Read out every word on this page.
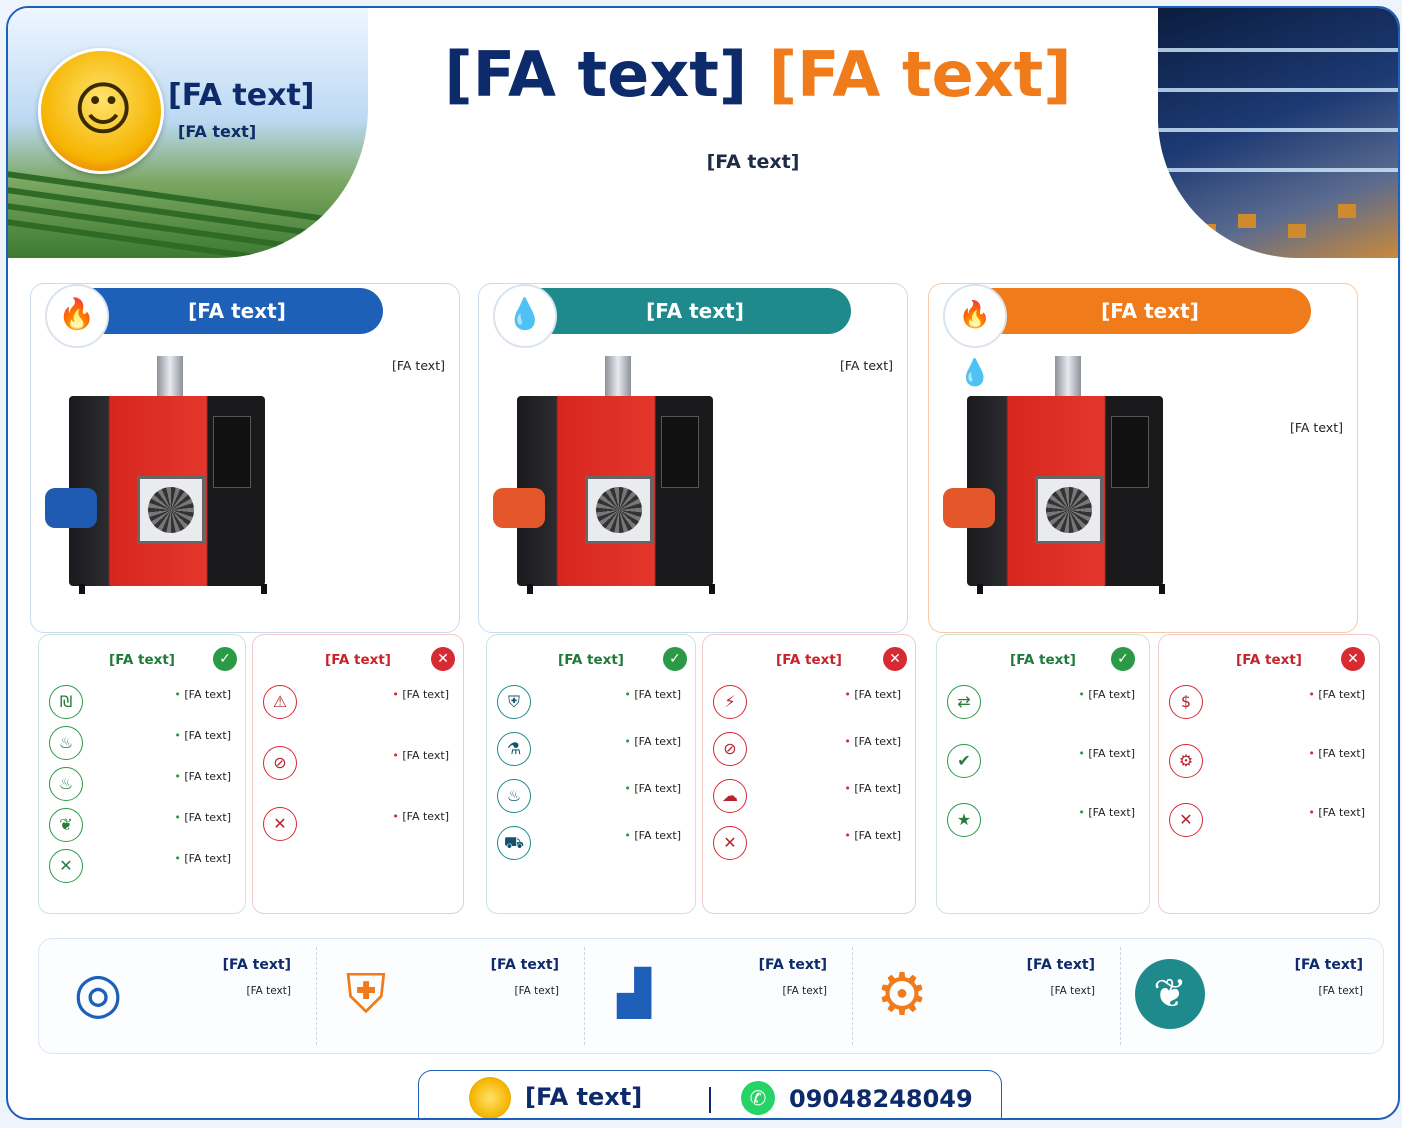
☺
[FA text]
[FA text]
[FA text] [FA text]
[FA text]
[FA text]
🔥
[FA text]
[FA text]
💧
[FA text]
[FA text]
🔥💧
[FA text]
[FA text]	✓
₪	[FA text] •
♨	[FA text] •
♨	[FA text] •
❦	[FA text] •
✕	[FA text] •
[FA text]	✕
⚠	[FA text] •
⊘	[FA text] •
✕	[FA text] •
[FA text]	✓
⛨	[FA text] •
⚗	[FA text] •
♨	[FA text] •
⛟	[FA text] •
[FA text]	✕
⚡	[FA text] •
⊘	[FA text] •
☁	[FA text] •
✕	[FA text] •
[FA text]	✓
⇄	[FA text] •
✔	[FA text] •
★	[FA text] •
[FA text]	✕
$	[FA text] •
⚙	[FA text] •
✕	[FA text] •
[FA text]
[FA text]
❦
[FA text]
[FA text]
⚙
[FA text]
[FA text]
▟
[FA text]
[FA text]
⛨
[FA text]
[FA text]
◎
09048248049
✆
[FA text]
